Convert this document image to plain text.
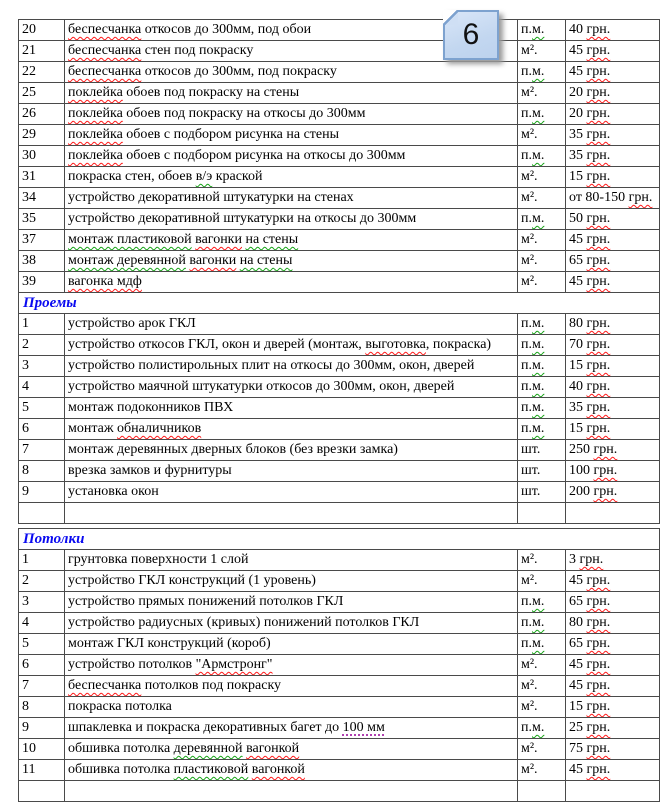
20	беспесчанка откосов до 300мм, под обои	п.м.	40 грн.
21	беспесчанка стен под покраску	м².	45 грн.
22	беспесчанка откосов до 300мм, под покраску	п.м.	45 грн.
25	поклейка обоев под покраску на стены	м².	20 грн.
26	поклейка обоев под покраску на откосы до 300мм	п.м.	20 грн.
29	поклейка обоев с подбором рисунка на стены	м².	35 грн.
30	поклейка обоев с подбором рисунка на откосы до 300мм	п.м.	35 грн.
31	покраска стен, обоев в/э краской	м².	15 грн.
34	устройство декоративной штукатурки на стенах	м².	от 80-150 грн.
35	устройство декоративной штукатурки на откосы до 300мм	п.м.	50 грн.
37	монтаж пластиковой вагонки на стены	м².	45 грн.
38	монтаж деревянной вагонки на стены	м².	65 грн.
39	вагонка мдф	м².	45 грн.
Проемы			
1	устройство арок ГКЛ	п.м.	80 грн.
2	устройство откосов ГКЛ, окон и дверей (монтаж, выготовка, покраска)	п.м.	70 грн.
3	устройство полистирольных плит на откосы до 300мм, окон, дверей	п.м.	15 грн.
4	устройство маячной штукатурки откосов до 300мм, окон, дверей	п.м.	40 грн.
5	монтаж подоконников ПВХ	п.м.	35 грн.
6	монтаж обналичников	п.м.	15 грн.
7	монтаж деревянных дверных блоков (без врезки замка)	шт.	250 грн.
8	врезка замков и фурнитуры	шт.	100 грн.
9	установка окон	шт.	200 грн.

Потолки			
1	грунтовка поверхности 1 слой	м².	3 грн.
2	устройство ГКЛ конструкций (1 уровень)	м².	45 грн.
3	устройство прямых понижений потолков ГКЛ	п.м.	65 грн.
4	устройство радиусных (кривых) понижений потолков ГКЛ	п.м.	80 грн.
5	монтаж ГКЛ конструкций (короб)	п.м.	65 грн.
6	устройство потолков "Армстронг"	м².	45 грн.
7	беспесчанка потолков под покраску	м².	45 грн.
8	покраска потолка	м².	15 грн.
9	шпаклевка и покраска декоративных багет до 100 мм	п.м.	25 грн.
10	обшивка потолка деревянной вагонкой	м².	75 грн.
11	обшивка потолка пластиковой вагонкой	м².	45 грн.

6
